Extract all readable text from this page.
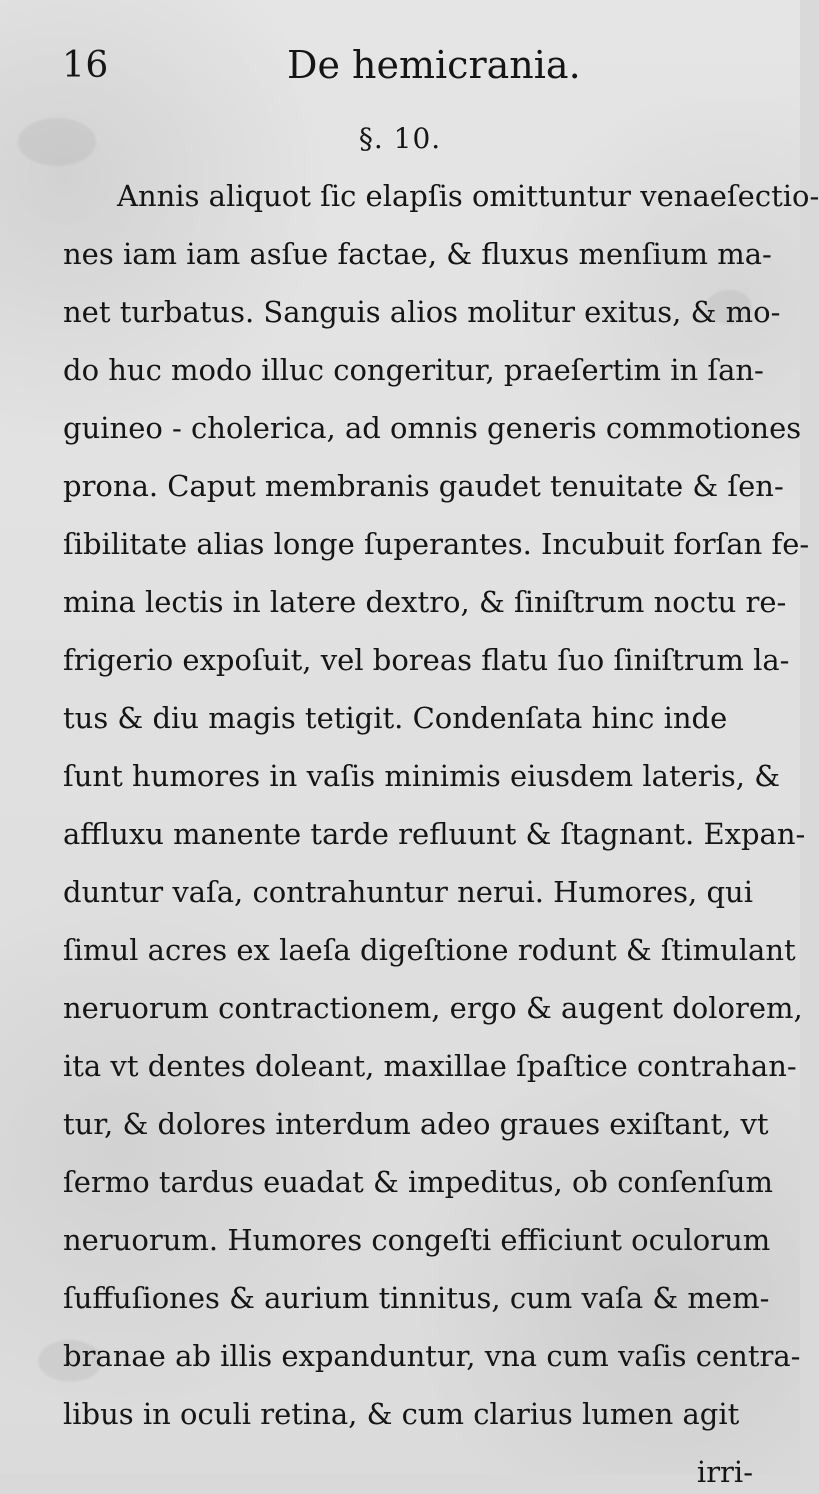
16	De hemicrania.
§. 10.
Annis aliquot ſic elapſis omittuntur venaeſectio-
nes iam iam asſue factae, & fluxus menſium ma-
net turbatus. Sanguis alios molitur exitus, & mo-
do huc modo illuc congeritur, praeſertim in ſan-
guineo - cholerica, ad omnis generis commotiones
prona. Caput membranis gaudet tenuitate & ſen-
ſibilitate alias longe ſuperantes. Incubuit forſan fe-
mina lectis in latere dextro, & ſiniſtrum noctu re-
frigerio expoſuit, vel boreas flatu ſuo ſiniſtrum la-
tus & diu magis tetigit. Condenſata hinc inde
ſunt humores in vaſis minimis eiusdem lateris, &
affluxu manente tarde refluunt & ſtagnant. Expan-
duntur vaſa, contrahuntur nerui. Humores, qui
ſimul acres ex laeſa digeſtione rodunt & ſtimulant
neruorum contractionem, ergo & augent dolorem,
ita vt dentes doleant, maxillae ſpaſtice contrahan-
tur, & dolores interdum adeo graues exiſtant, vt
ſermo tardus euadat & impeditus, ob conſenſum
neruorum. Humores congeſti efficiunt oculorum
ſuffuſiones & aurium tinnitus, cum vaſa & mem-
branae ab illis expanduntur, vna cum vaſis centra-
libus in oculi retina, & cum clarius lumen agit
irri-
